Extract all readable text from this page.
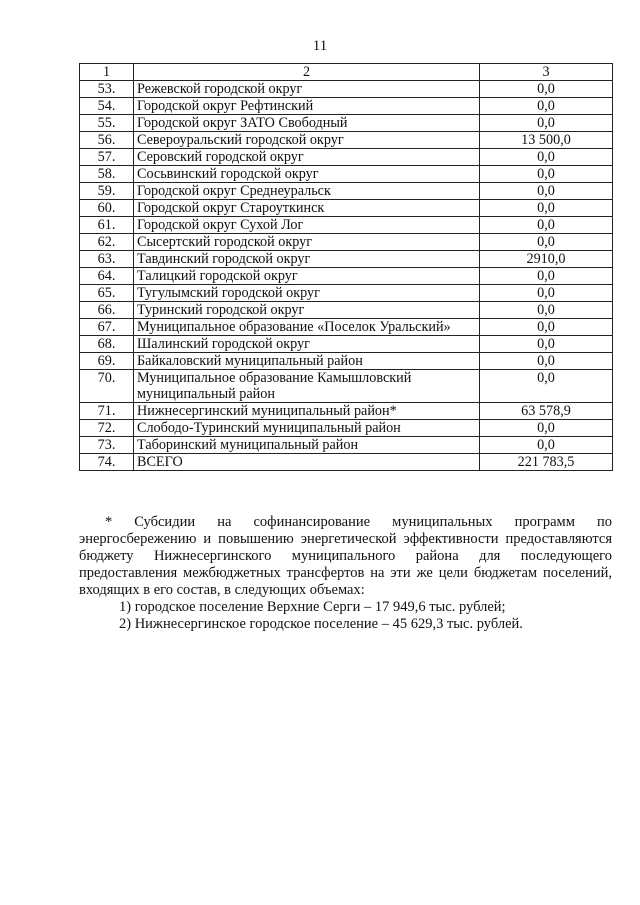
11
1	2	3
53.	Режевской городской округ	0,0
54.	Городской округ Рефтинский	0,0
55.	Городской округ ЗАТО Свободный	0,0
56.	Североуральский городской округ	13 500,0
57.	Серовский городской округ	0,0
58.	Сосьвинский городской округ	0,0
59.	Городской округ Среднеуральск	0,0
60.	Городской округ Староуткинск	0,0
61.	Городской округ Сухой Лог	0,0
62.	Сысертский городской округ	0,0
63.	Тавдинский городской округ	2910,0
64.	Талицкий городской округ	0,0
65.	Тугулымский городской округ	0,0
66.	Туринский городской округ	0,0
67.	Муниципальное образование «Поселок Уральский»	0,0
68.	Шалинский городской округ	0,0
69.	Байкаловский муниципальный район	0,0
70.	Муниципальное образование Камышловский муниципальный район	0,0
71.	Нижнесергинский муниципальный район*	63 578,9
72.	Слободо-Туринский муниципальный район	0,0
73.	Таборинский муниципальный район	0,0
74.	ВСЕГО	221 783,5

* Субсидии на софинансирование муниципальных программ по энергосбережению и повышению энергетической эффективности предоставляются бюджету Нижнесергинского муниципального района для последующего предоставления межбюджетных трансфертов на эти же цели бюджетам поселений, входящих в его состав, в следующих объемах:

1) городское поселение Верхние Серги – 17 949,6 тыс. рублей;
2) Нижнесергинское городское поселение – 45 629,3 тыс. рублей.
